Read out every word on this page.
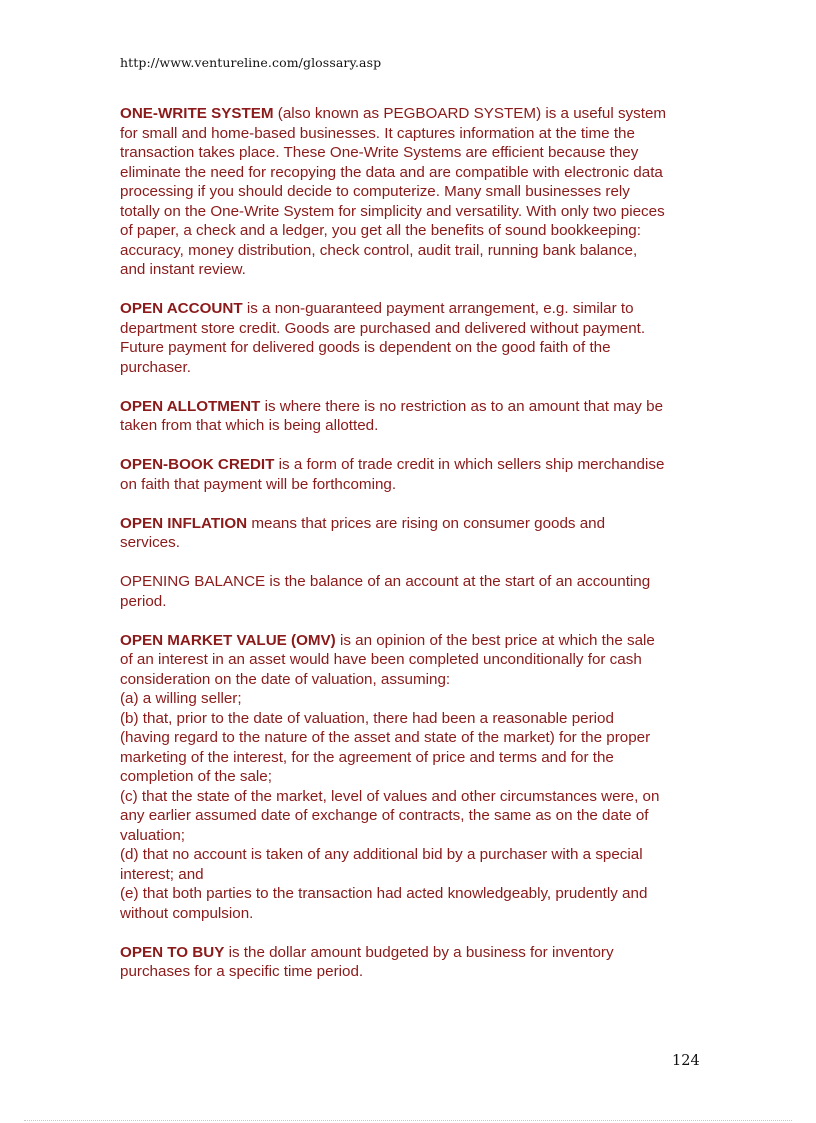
http://www.ventureline.com/glossary.asp
ONE-WRITE SYSTEM (also known as PEGBOARD SYSTEM) is a useful system
for small and home-based businesses. It captures information at the time the
transaction takes place. These One-Write Systems are efficient because they
eliminate the need for recopying the data and are compatible with electronic data
processing if you should decide to computerize. Many small businesses rely
totally on the One-Write System for simplicity and versatility. With only two pieces
of paper, a check and a ledger, you get all the benefits of sound bookkeeping:
accuracy, money distribution, check control, audit trail, running bank balance,
and instant review.
OPEN ACCOUNT is a non-guaranteed payment arrangement, e.g. similar to
department store credit. Goods are purchased and delivered without payment.
Future payment for delivered goods is dependent on the good faith of the
purchaser.
OPEN ALLOTMENT is where there is no restriction as to an amount that may be
taken from that which is being allotted.
OPEN-BOOK CREDIT is a form of trade credit in which sellers ship merchandise
on faith that payment will be forthcoming.
OPEN INFLATION means that prices are rising on consumer goods and
services.
OPENING BALANCE is the balance of an account at the start of an accounting
period.
OPEN MARKET VALUE (OMV) is an opinion of the best price at which the sale
of an interest in an asset would have been completed unconditionally for cash
consideration on the date of valuation, assuming:
(a) a willing seller;
(b) that, prior to the date of valuation, there had been a reasonable period
(having regard to the nature of the asset and state of the market) for the proper
marketing of the interest, for the agreement of price and terms and for the
completion of the sale;
(c) that the state of the market, level of values and other circumstances were, on
any earlier assumed date of exchange of contracts, the same as on the date of
valuation;
(d) that no account is taken of any additional bid by a purchaser with a special
interest; and
(e) that both parties to the transaction had acted knowledgeably, prudently and
without compulsion.
OPEN TO BUY is the dollar amount budgeted by a business for inventory
purchases for a specific time period.
124
